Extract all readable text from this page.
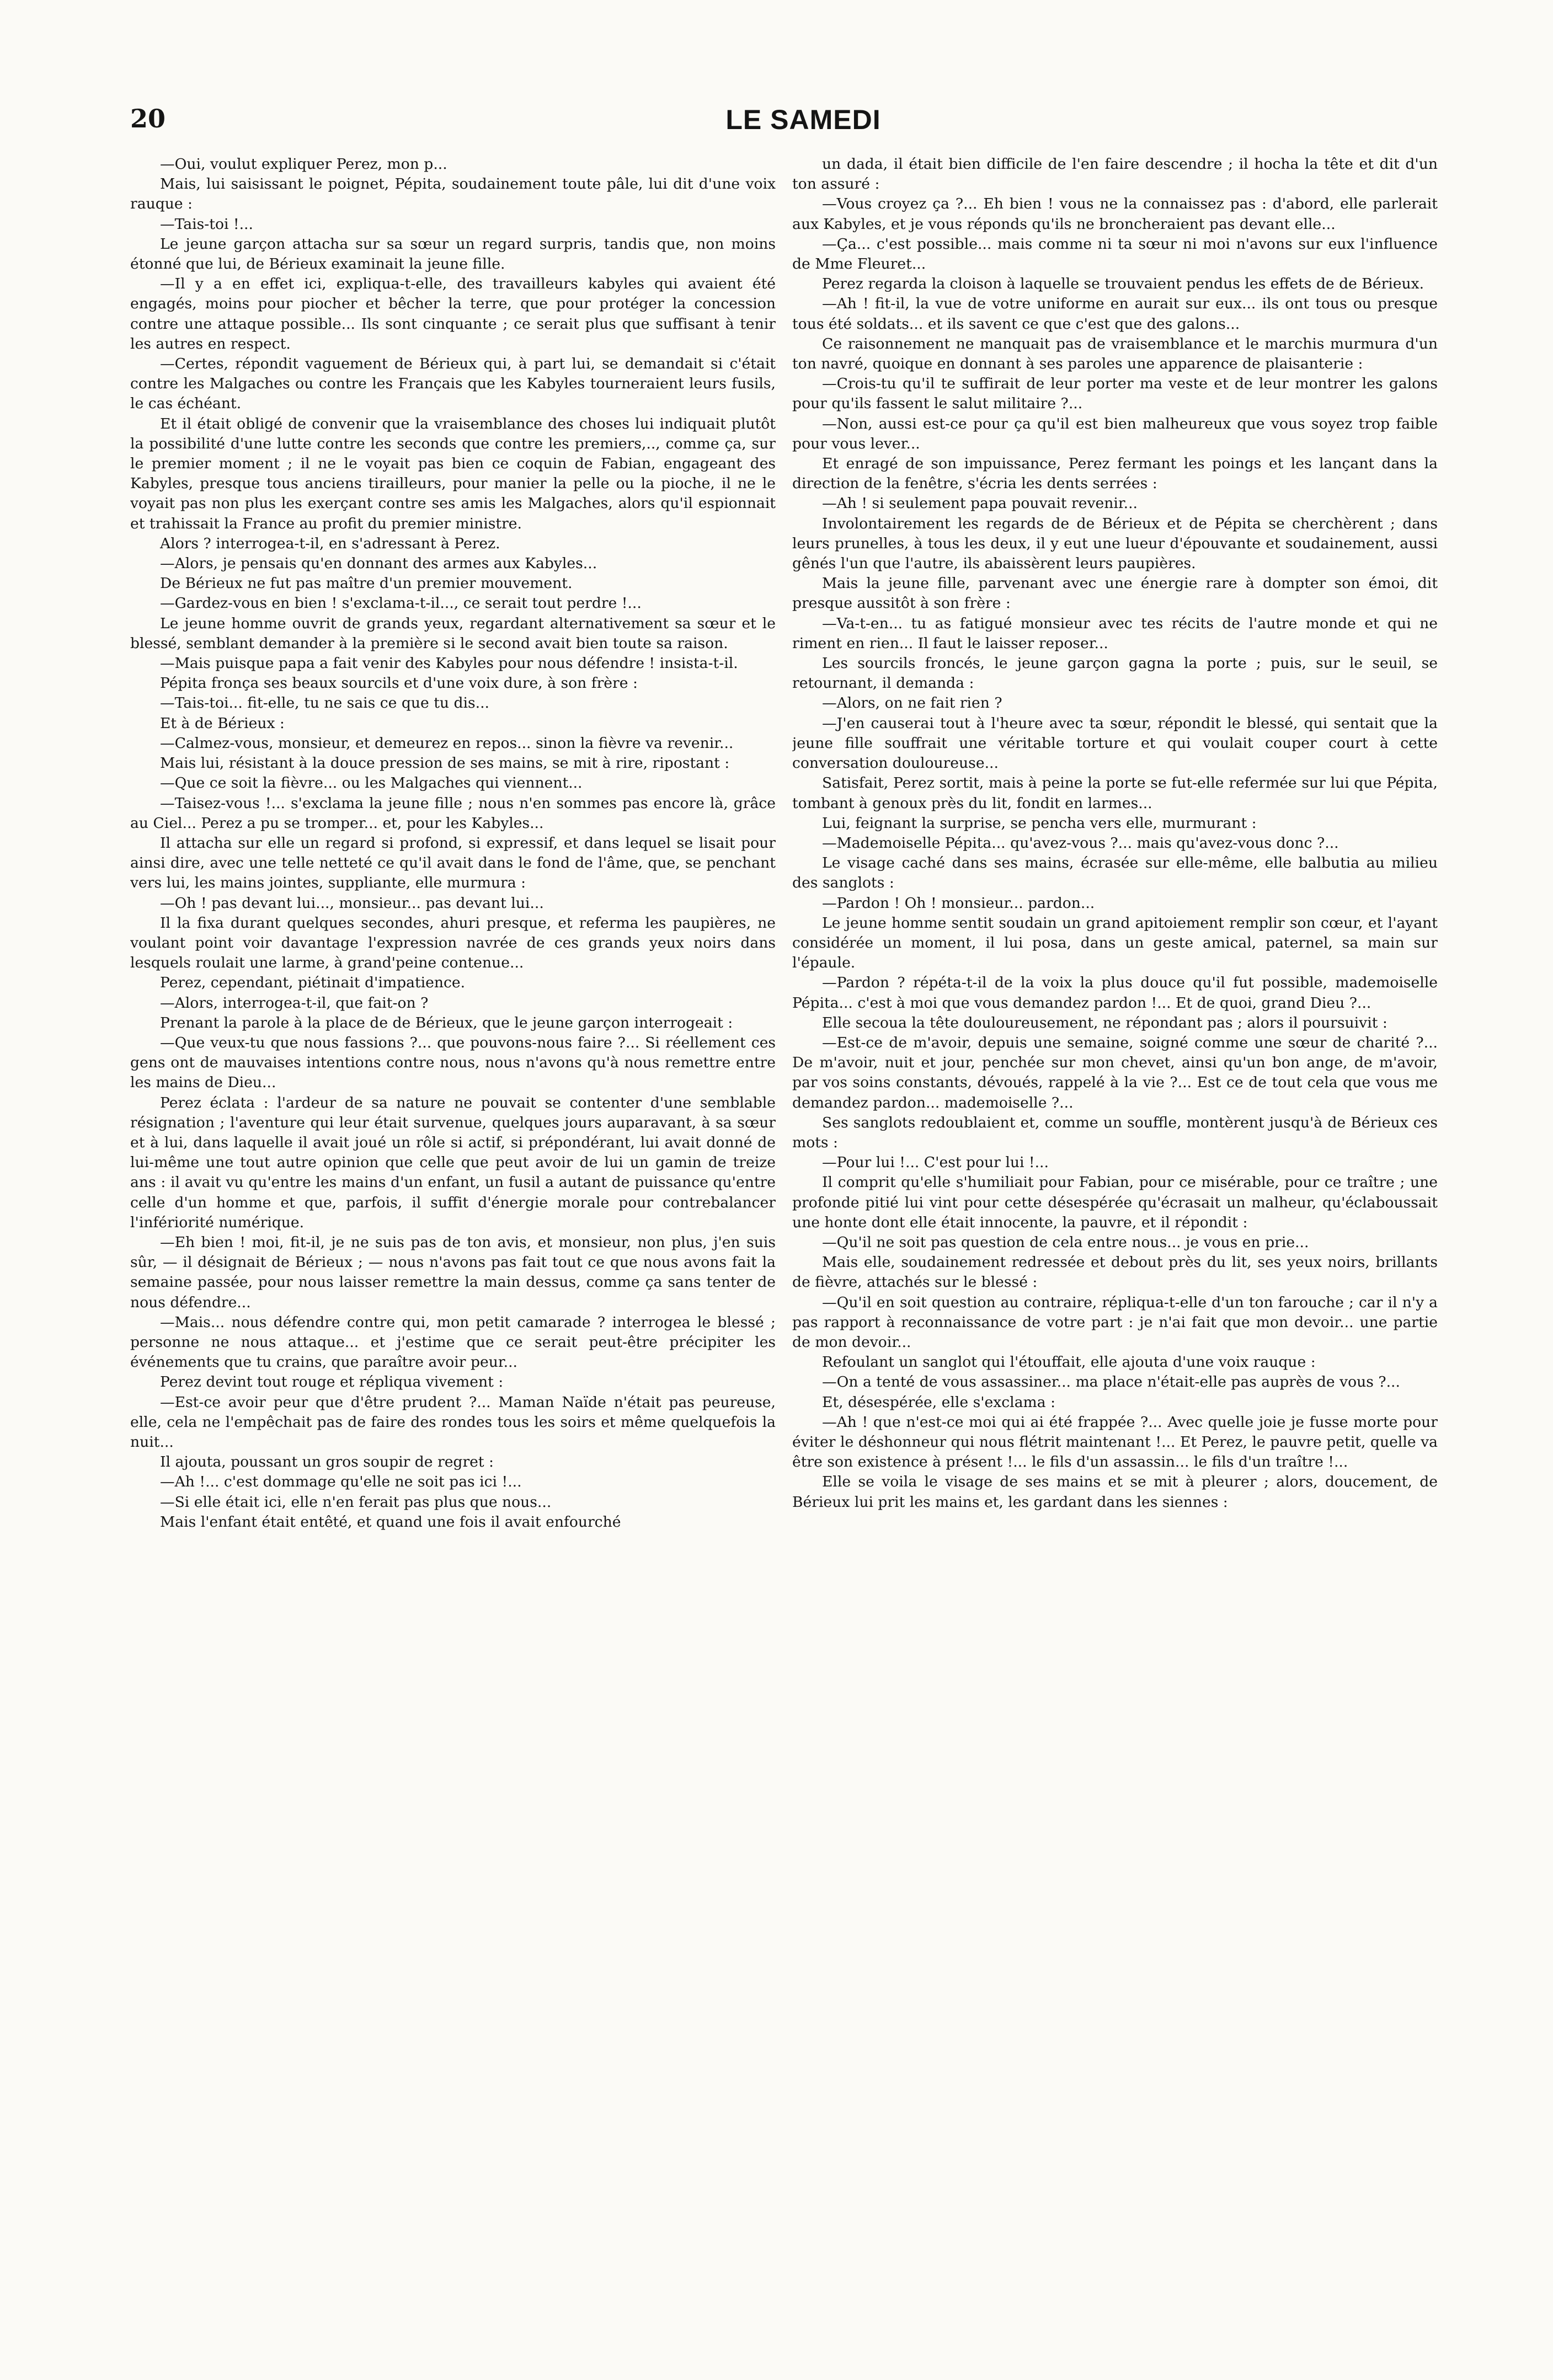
20	LE SAMEDI

—Oui, voulut expliquer Perez, mon p...

Mais, lui saisissant le poignet, Pépita, soudainement toute pâle, lui dit d'une voix rauque :

—Tais-toi !...

Le jeune garçon attacha sur sa sœur un regard surpris, tandis que, non moins étonné que lui, de Bérieux examinait la jeune fille.

—Il y a en effet ici, expliqua-t-elle, des travailleurs kabyles qui avaient été engagés, moins pour piocher et bêcher la terre, que pour protéger la concession contre une attaque possible... Ils sont cinquante ; ce serait plus que suffisant à tenir les autres en respect.

—Certes, répondit vaguement de Bérieux qui, à part lui, se demandait si c'était contre les Malgaches ou contre les Français que les Kabyles tourneraient leurs fusils, le cas échéant.

Et il était obligé de convenir que la vraisemblance des choses lui indiquait plutôt la possibilité d'une lutte contre les seconds que contre les premiers,.., comme ça, sur le premier moment ; il ne le voyait pas bien ce coquin de Fabian, engageant des Kabyles, presque tous anciens tirailleurs, pour manier la pelle ou la pioche, il ne le voyait pas non plus les exerçant contre ses amis les Malgaches, alors qu'il espionnait et trahissait la France au profit du premier ministre.

Alors ? interrogea-t-il, en s'adressant à Perez.

—Alors, je pensais qu'en donnant des armes aux Kabyles...

De Bérieux ne fut pas maître d'un premier mouvement.

—Gardez-vous en bien ! s'exclama-t-il..., ce serait tout perdre !...

Le jeune homme ouvrit de grands yeux, regardant alternativement sa sœur et le blessé, semblant demander à la première si le second avait bien toute sa raison.

—Mais puisque papa a fait venir des Kabyles pour nous défendre ! insista-t-il.

Pépita fronça ses beaux sourcils et d'une voix dure, à son frère :

—Tais-toi... fit-elle, tu ne sais ce que tu dis...

Et à de Bérieux :

—Calmez-vous, monsieur, et demeurez en repos... sinon la fièvre va revenir...

Mais lui, résistant à la douce pression de ses mains, se mit à rire, ripostant :

—Que ce soit la fièvre... ou les Malgaches qui viennent...

—Taisez-vous !... s'exclama la jeune fille ; nous n'en sommes pas encore là, grâce au Ciel... Perez a pu se tromper... et, pour les Kabyles...

Il attacha sur elle un regard si profond, si expressif, et dans lequel se lisait pour ainsi dire, avec une telle netteté ce qu'il avait dans le fond de l'âme, que, se penchant vers lui, les mains jointes, suppliante, elle murmura :

—Oh ! pas devant lui..., monsieur... pas devant lui...

Il la fixa durant quelques secondes, ahuri presque, et referma les paupières, ne voulant point voir davantage l'expression navrée de ces grands yeux noirs dans lesquels roulait une larme, à grand'peine contenue...

Perez, cependant, piétinait d'impatience.

—Alors, interrogea-t-il, que fait-on ?

Prenant la parole à la place de de Bérieux, que le jeune garçon interrogeait :

—Que veux-tu que nous fassions ?... que pouvons-nous faire ?... Si réellement ces gens ont de mauvaises intentions contre nous, nous n'avons qu'à nous remettre entre les mains de Dieu...

Perez éclata : l'ardeur de sa nature ne pouvait se contenter d'une semblable résignation ; l'aventure qui leur était survenue, quelques jours auparavant, à sa sœur et à lui, dans laquelle il avait joué un rôle si actif, si prépondérant, lui avait donné de lui-même une tout autre opinion que celle que peut avoir de lui un gamin de treize ans : il avait vu qu'entre les mains d'un enfant, un fusil a autant de puissance qu'entre celle d'un homme et que, parfois, il suffit d'énergie morale pour contrebalancer l'infériorité numérique.

—Eh bien ! moi, fit-il, je ne suis pas de ton avis, et monsieur, non plus, j'en suis sûr, — il désignait de Bérieux ; — nous n'avons pas fait tout ce que nous avons fait la semaine passée, pour nous laisser remettre la main dessus, comme ça sans tenter de nous défendre...

—Mais... nous défendre contre qui, mon petit camarade ? interrogea le blessé ; personne ne nous attaque... et j'estime que ce serait peut-être précipiter les événements que tu crains, que paraître avoir peur...

Perez devint tout rouge et répliqua vivement :

—Est-ce avoir peur que d'être prudent ?... Maman Naïde n'était pas peureuse, elle, cela ne l'empêchait pas de faire des rondes tous les soirs et même quelquefois la nuit...

Il ajouta, poussant un gros soupir de regret :

—Ah !... c'est dommage qu'elle ne soit pas ici !...

—Si elle était ici, elle n'en ferait pas plus que nous...

Mais l'enfant était entêté, et quand une fois il avait enfourché

un dada, il était bien difficile de l'en faire descendre ; il hocha la tête et dit d'un ton assuré :

—Vous croyez ça ?... Eh bien ! vous ne la connaissez pas : d'abord, elle parlerait aux Kabyles, et je vous réponds qu'ils ne broncheraient pas devant elle...

—Ça... c'est possible... mais comme ni ta sœur ni moi n'avons sur eux l'influence de Mme Fleuret...

Perez regarda la cloison à laquelle se trouvaient pendus les effets de de Bérieux.

—Ah ! fit-il, la vue de votre uniforme en aurait sur eux... ils ont tous ou presque tous été soldats... et ils savent ce que c'est que des galons...

Ce raisonnement ne manquait pas de vraisemblance et le marchis murmura d'un ton navré, quoique en donnant à ses paroles une apparence de plaisanterie :

—Crois-tu qu'il te suffirait de leur porter ma veste et de leur montrer les galons pour qu'ils fassent le salut militaire ?...

—Non, aussi est-ce pour ça qu'il est bien malheureux que vous soyez trop faible pour vous lever...

Et enragé de son impuissance, Perez fermant les poings et les lançant dans la direction de la fenêtre, s'écria les dents serrées :

—Ah ! si seulement papa pouvait revenir...

Involontairement les regards de de Bérieux et de Pépita se cherchèrent ; dans leurs prunelles, à tous les deux, il y eut une lueur d'épouvante et soudainement, aussi gênés l'un que l'autre, ils abaissèrent leurs paupières.

Mais la jeune fille, parvenant avec une énergie rare à dompter son émoi, dit presque aussitôt à son frère :

—Va-t-en... tu as fatigué monsieur avec tes récits de l'autre monde et qui ne riment en rien... Il faut le laisser reposer...

Les sourcils froncés, le jeune garçon gagna la porte ; puis, sur le seuil, se retournant, il demanda :

—Alors, on ne fait rien ?

—J'en causerai tout à l'heure avec ta sœur, répondit le blessé, qui sentait que la jeune fille souffrait une véritable torture et qui voulait couper court à cette conversation douloureuse...

Satisfait, Perez sortit, mais à peine la porte se fut-elle refermée sur lui que Pépita, tombant à genoux près du lit, fondit en larmes...

Lui, feignant la surprise, se pencha vers elle, murmurant :

—Mademoiselle Pépita... qu'avez-vous ?... mais qu'avez-vous donc ?...

Le visage caché dans ses mains, écrasée sur elle-même, elle balbutia au milieu des sanglots :

—Pardon ! Oh ! monsieur... pardon...

Le jeune homme sentit soudain un grand apitoiement remplir son cœur, et l'ayant considérée un moment, il lui posa, dans un geste amical, paternel, sa main sur l'épaule.

—Pardon ? répéta-t-il de la voix la plus douce qu'il fut possible, mademoiselle Pépita... c'est à moi que vous demandez pardon !... Et de quoi, grand Dieu ?...

Elle secoua la tête douloureusement, ne répondant pas ; alors il poursuivit :

—Est-ce de m'avoir, depuis une semaine, soigné comme une sœur de charité ?... De m'avoir, nuit et jour, penchée sur mon chevet, ainsi qu'un bon ange, de m'avoir, par vos soins constants, dévoués, rappelé à la vie ?... Est ce de tout cela que vous me demandez pardon... mademoiselle ?...

Ses sanglots redoublaient et, comme un souffle, montèrent jusqu'à de Bérieux ces mots :

—Pour lui !... C'est pour lui !...

Il comprit qu'elle s'humiliait pour Fabian, pour ce misérable, pour ce traître ; une profonde pitié lui vint pour cette désespérée qu'écrasait un malheur, qu'éclaboussait une honte dont elle était innocente, la pauvre, et il répondit :

—Qu'il ne soit pas question de cela entre nous... je vous en prie...

Mais elle, soudainement redressée et debout près du lit, ses yeux noirs, brillants de fièvre, attachés sur le blessé :

—Qu'il en soit question au contraire, répliqua-t-elle d'un ton farouche ; car il n'y a pas rapport à reconnaissance de votre part : je n'ai fait que mon devoir... une partie de mon devoir...

Refoulant un sanglot qui l'étouffait, elle ajouta d'une voix rauque :

—On a tenté de vous assassiner... ma place n'était-elle pas auprès de vous ?...

Et, désespérée, elle s'exclama :

—Ah ! que n'est-ce moi qui ai été frappée ?... Avec quelle joie je fusse morte pour éviter le déshonneur qui nous flétrit maintenant !... Et Perez, le pauvre petit, quelle va être son existence à présent !... le fils d'un assassin... le fils d'un traître !...

Elle se voila le visage de ses mains et se mit à pleurer ; alors, doucement, de Bérieux lui prit les mains et, les gardant dans les siennes :
